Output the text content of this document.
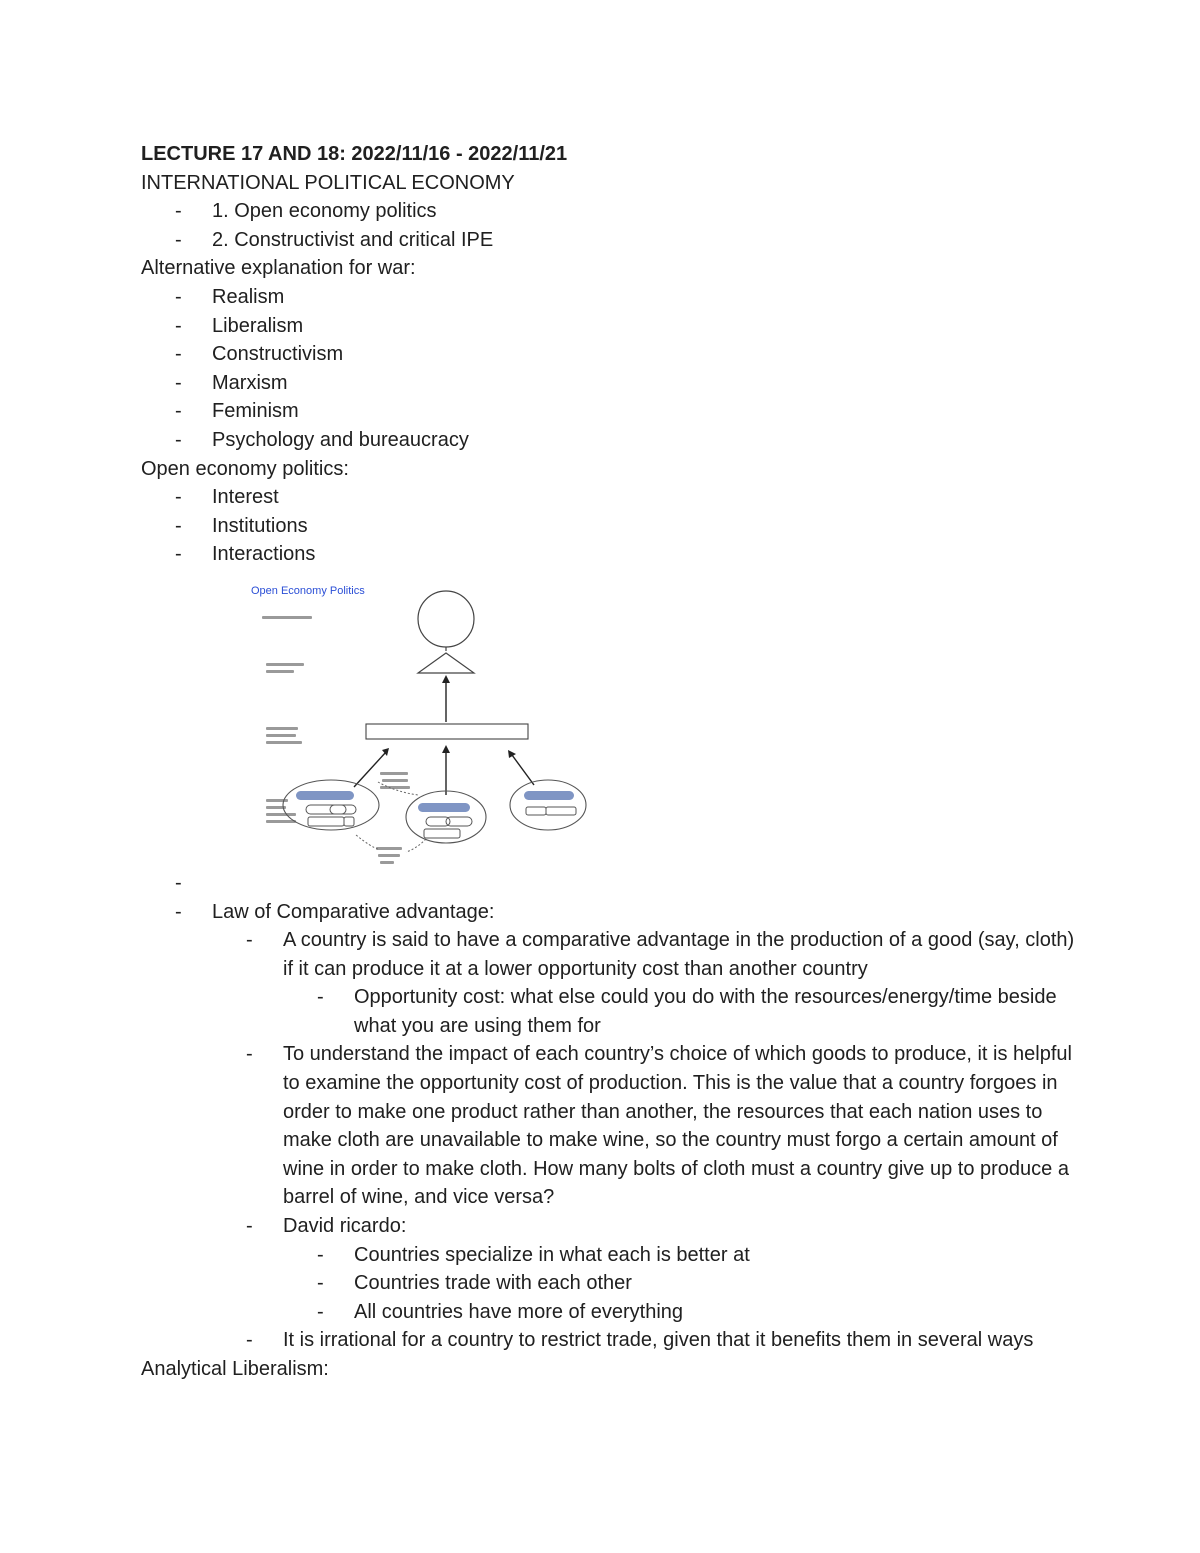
LECTURE 17 AND 18: 2022/11/16 - 2022/11/21
INTERNATIONAL POLITICAL ECONOMY
- 1. Open economy politics
- 2. Constructivist and critical IPE
Alternative explanation for war:
- Realism
- Liberalism
- Constructivism
- Marxism
- Feminism
- Psychology and bureaucracy
Open economy politics:
- Interest
- Institutions
- Interactions
Open Economy Politics
-
- Law of Comparative advantage:
- A country is said to have a comparative advantage in the production of a good (say, cloth) if it can produce it at a lower opportunity cost than another country
- Opportunity cost: what else could you do with the resources/energy/time beside what you are using them for
- To understand the impact of each country’s choice of which goods to produce, it is helpful to examine the opportunity cost of production. This is the value that a country forgoes in order to make one product rather than another, the resources that each nation uses to make cloth are unavailable to make wine, so the country must forgo a certain amount of wine in order to make cloth. How many bolts of cloth must a country give up to produce a barrel of wine, and vice versa?
- David ricardo:
- Countries specialize in what each is better at
- Countries trade with each other
- All countries have more of everything
- It is irrational for a country to restrict trade, given that it benefits them in several ways
Analytical Liberalism:
